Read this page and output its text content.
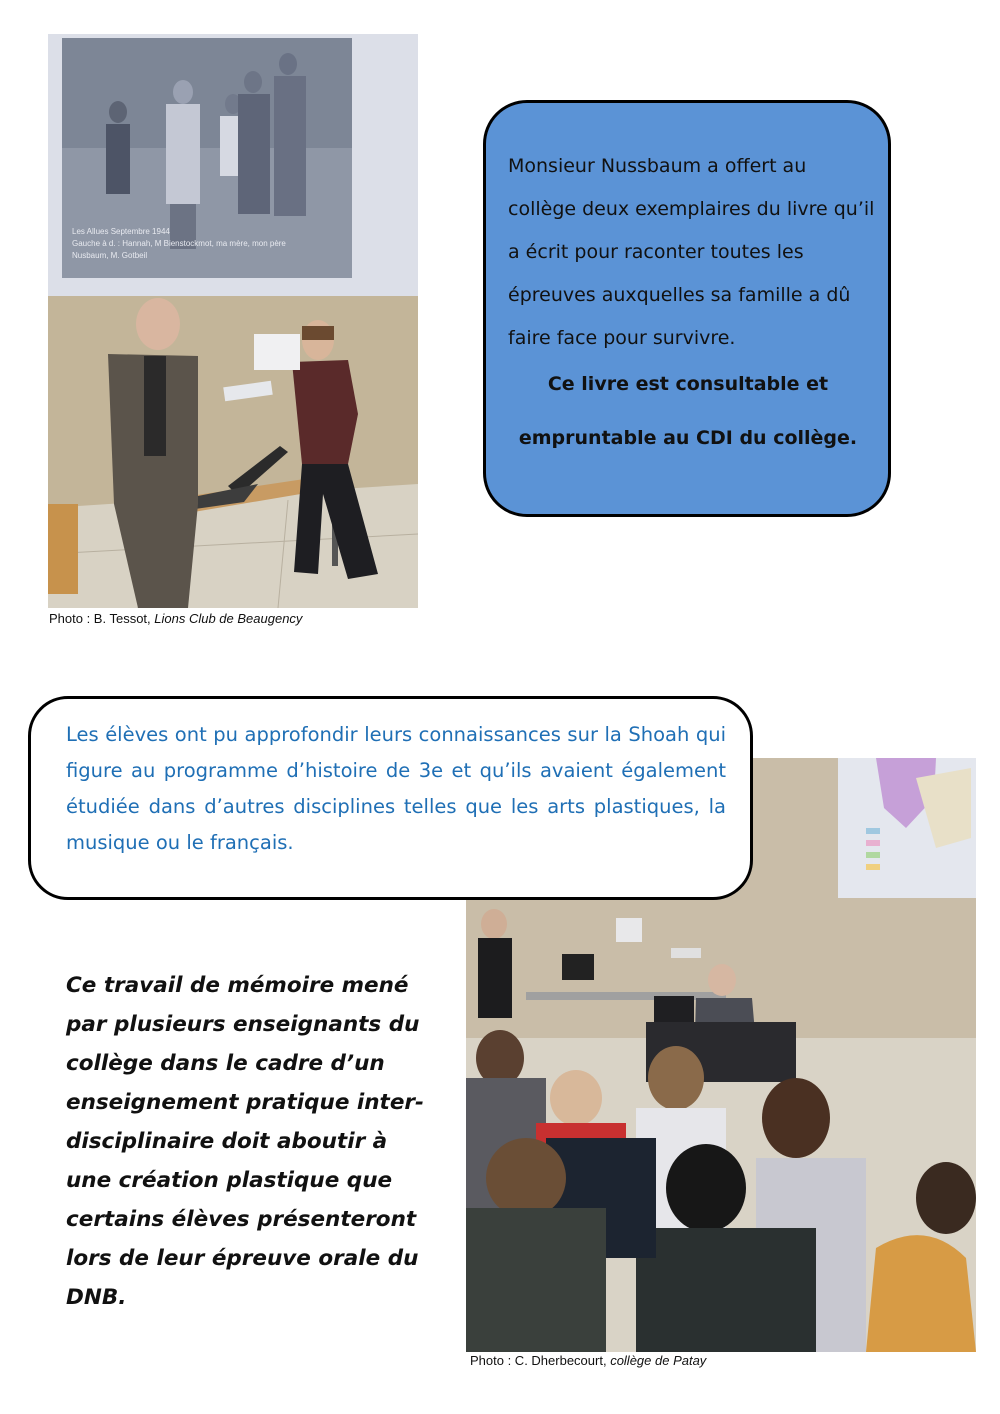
Les Allues Septembre 1944
Gauche à d. : Hannah, M Bienstockmot, ma mère, mon père
Nusbaum, M. Gotbeil
Photo : B. Tessot, Lions Club de Beaugency

Monsieur Nussbaum a offert au collège deux exemplaires du livre qu’il a écrit pour raconter toutes les épreuves auxquelles sa famille a dû faire face pour survivre.

Ce livre est consultable et

empruntable au CDI du collège.

Les élèves ont pu approfondir leurs connaissances sur la Shoah qui figure au programme d’histoire de 3e et qu’ils avaient également étudiée dans d’autres disciplines telles que les arts plastiques, la musique ou le français.

Photo : C. Dherbecourt, collège de Patay

Ce travail de mémoire mené par plusieurs enseignants du collège dans le cadre d’un enseignement pratique inter-disciplinaire doit aboutir à une création plastique que certains élèves présenteront lors de leur épreuve orale du DNB.
